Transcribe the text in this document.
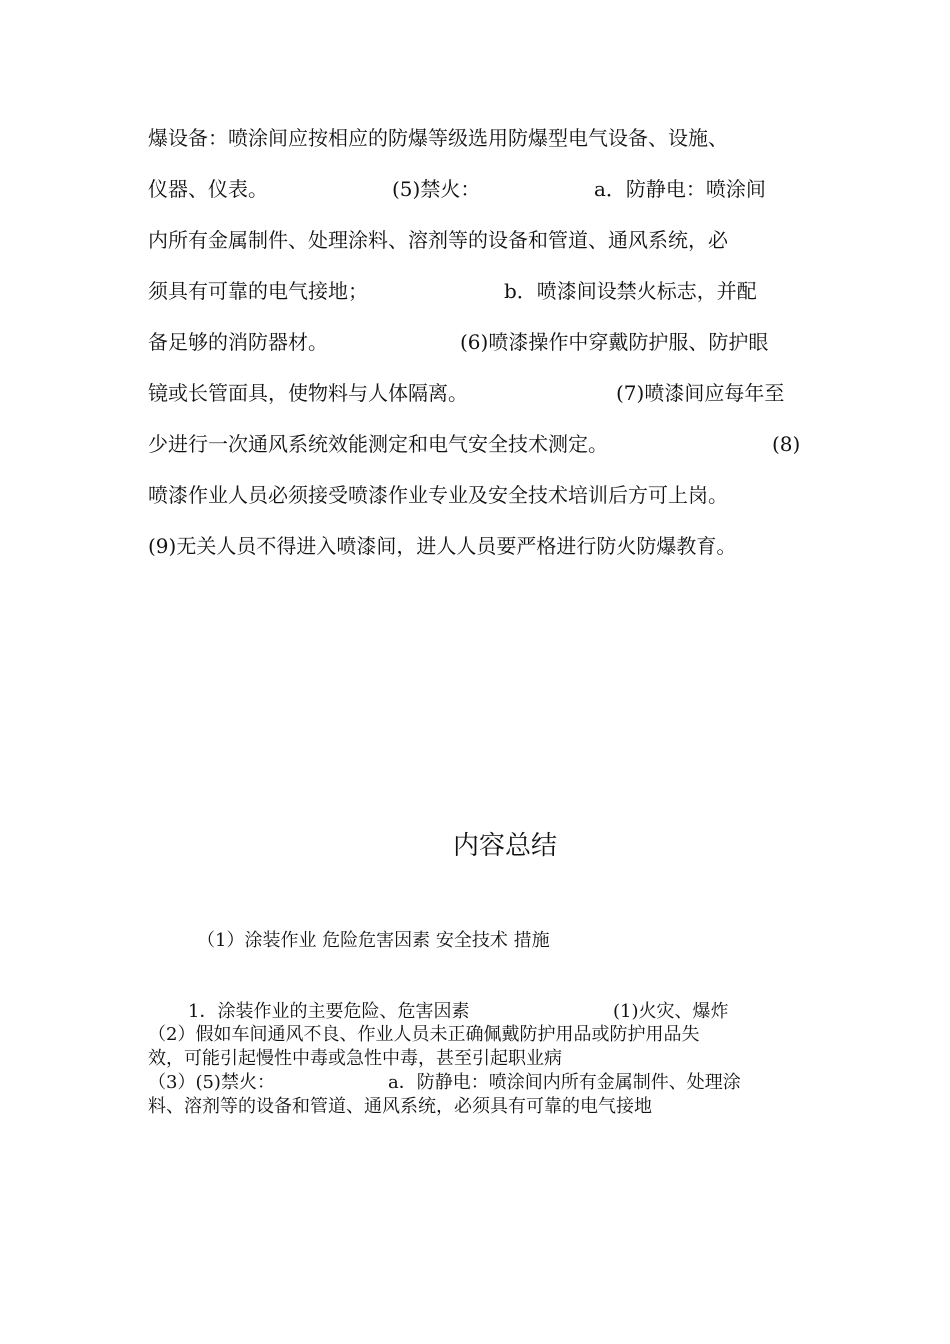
爆设备：喷涂间应按相应的防爆等级选用防爆型电气设备、设施、
仪器、仪表。	(5)禁火：	a．防静电：喷涂间
内所有金属制件、处理涂料、溶剂等的设备和管道、通风系统，必
须具有可靠的电气接地；	b．喷漆间设禁火标志，并配
备足够的消防器材。	(6)喷漆操作中穿戴防护服、防护眼
镜或长管面具，使物料与人体隔离。	(7)喷漆间应每年至
少进行一次通风系统效能测定和电气安全技术测定。	(8)
喷漆作业人员必须接受喷漆作业专业及安全技术培训后方可上岗。
(9)无关人员不得进入喷漆间，进人人员要严格进行防火防爆教育。
内容总结
（1）涂装作业 危险危害因素 安全技术 措施
1．涂装作业的主要危险、危害因素	(1)火灾、爆炸
（2）假如车间通风不良、作业人员未正确佩戴防护用品或防护用品失
效，可能引起慢性中毒或急性中毒，甚至引起职业病
（3）(5)禁火：	a．防静电：喷涂间内所有金属制件、处理涂
料、溶剂等的设备和管道、通风系统，必须具有可靠的电气接地
